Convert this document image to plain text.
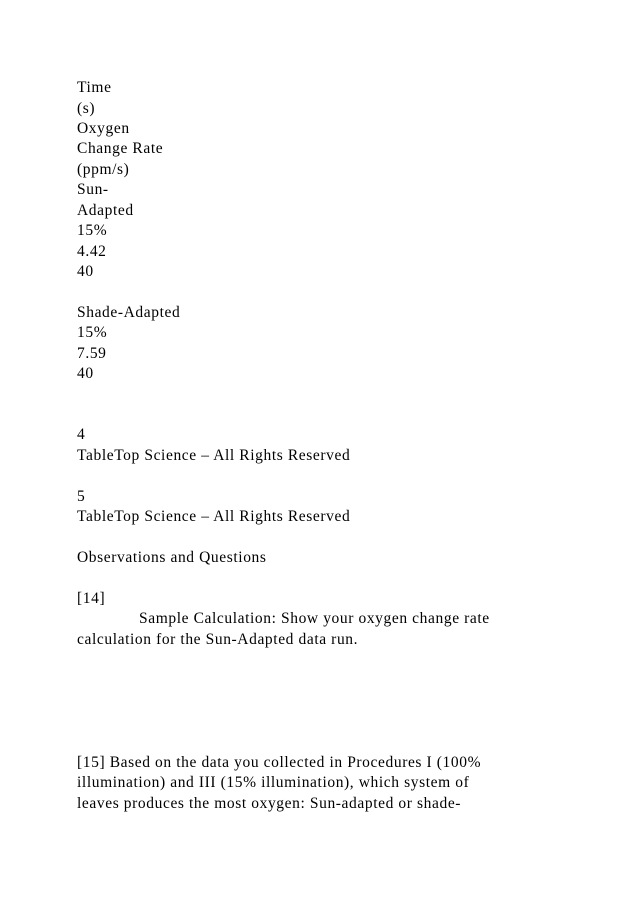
Time
(s)
Oxygen
Change Rate
(ppm/s)
Sun-
Adapted
15%
4.42
40
Shade-Adapted
15%
7.59
40
4
TableTop Science – All Rights Reserved
5
TableTop Science – All Rights Reserved
Observations and Questions
[14]
Sample Calculation: Show your oxygen change rate
calculation for the Sun-Adapted data run.
[15] Based on the data you collected in Procedures I (100%
illumination) and III (15% illumination), which system of
leaves produces the most oxygen: Sun-adapted or shade-
